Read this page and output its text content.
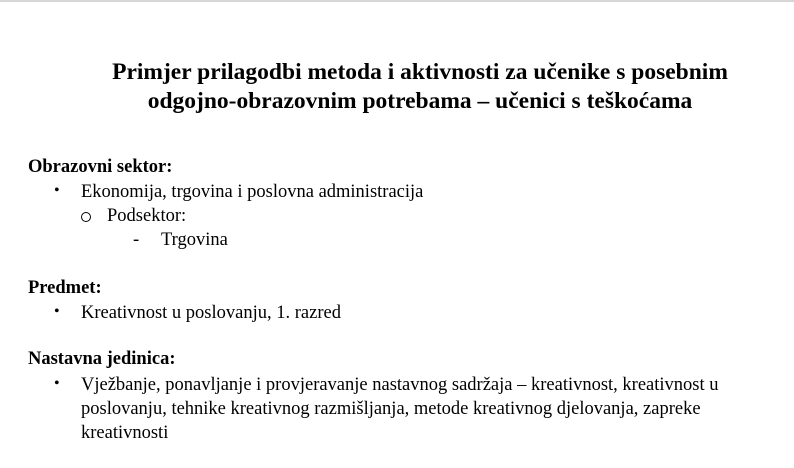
Primjer prilagodbi metoda i aktivnosti za učenike s posebnim
odgojno-obrazovnim potrebama – učenici s teškoćama
Obrazovni sektor:
• Ekonomija, trgovina i poslovna administracija
Podsektor:
- Trgovina
Predmet:
• Kreativnost u poslovanju, 1. razred
Nastavna jedinica:
• Vježbanje, ponavljanje i provjeravanje nastavnog sadržaja – kreativnost, kreativnost u
poslovanju, tehnike kreativnog razmišljanja, metode kreativnog djelovanja, zapreke
kreativnosti
